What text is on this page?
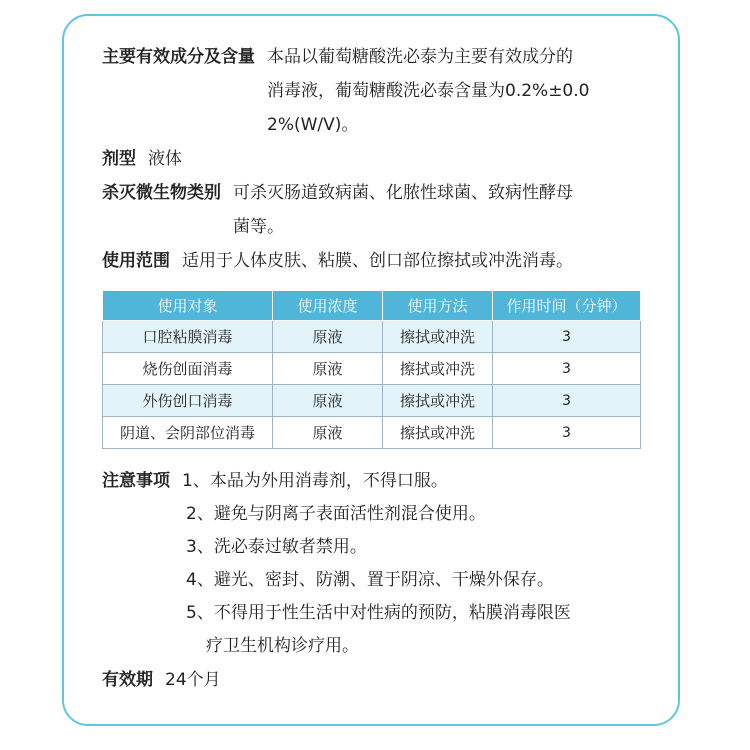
主要有效成分及含量 本品以葡萄糖酸洗必泰为主要有效成分的
消毒液，葡萄糖酸洗必泰含量为0.2%±0.0
2%(W/V)。
剂型 液体
杀灭微生物类别 可杀灭肠道致病菌、化脓性球菌、致病性酵母
菌等。
使用范围 适用于人体皮肤、粘膜、创口部位擦拭或冲洗消毒。
使用对象	使用浓度	使用方法	作用时间（分钟）
口腔粘膜消毒	原液	擦拭或冲洗	3
烧伤创面消毒	原液	擦拭或冲洗	3
外伤创口消毒	原液	擦拭或冲洗	3
阴道、会阴部位消毒	原液	擦拭或冲洗	3
注意事项 1、本品为外用消毒剂，不得口服。
2、避免与阴离子表面活性剂混合使用。
3、洗必泰过敏者禁用。
4、避光、密封、防潮、置于阴凉、干燥外保存。
5、不得用于性生活中对性病的预防，粘膜消毒限医
疗卫生机构诊疗用。
有效期 24个月
